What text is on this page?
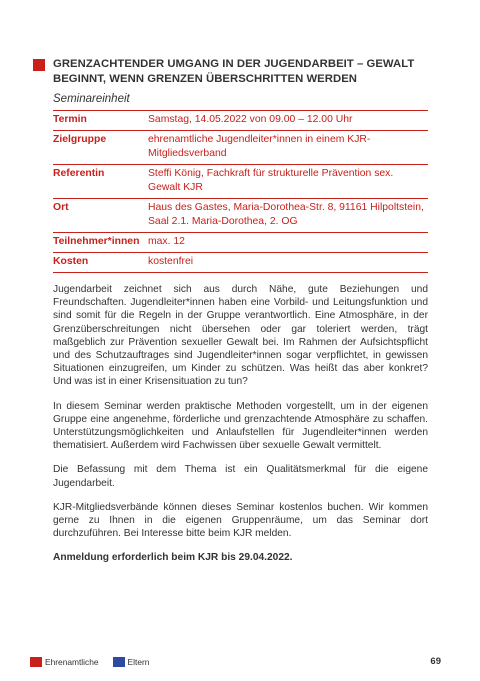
GRENZACHTENDER UMGANG IN DER JUGENDARBEIT – GEWALT BEGINNT, WENN GRENZEN ÜBERSCHRITTEN WERDEN
Seminareinheit
Termin	Samstag, 14.05.2022 von 09.00 – 12.00 Uhr
Zielgruppe	ehrenamtliche Jugendleiter*innen in einem KJR-Mitgliedsverband
Referentin	Steffi König, Fachkraft für strukturelle Prävention sex. Gewalt KJR
Ort	Haus des Gastes, Maria-Dorothea-Str. 8, 91161 Hilpoltstein, Saal 2.1. Maria-Dorothea, 2. OG
Teilnehmer*innen max. 12
Kosten	kostenfrei

Jugendarbeit zeichnet sich aus durch Nähe, gute Beziehungen und Freundschaften. Jugendleiter*innen haben eine Vorbild- und Leitungsfunktion und sind somit für die Regeln in der Gruppe verantwortlich. Eine Atmosphäre, in der Grenzüberschreitungen nicht übersehen oder gar toleriert werden, trägt maßgeblich zur Prävention sexueller Gewalt bei. Im Rahmen der Aufsichtspflicht und des Schutzauftrages sind Jugendleiter*innen sogar verpflichtet, in gewissen Situationen einzugreifen, um Kinder zu schützen. Was heißt das aber konkret? Und was ist in einer Krisensituation zu tun?

In diesem Seminar werden praktische Methoden vorgestellt, um in der eigenen Gruppe eine angenehme, förderliche und grenzachtende Atmosphäre zu schaffen. Unterstützungsmöglichkeiten und Anlaufstellen für Jugendleiter*innen werden thematisiert. Außerdem wird Fachwissen über sexuelle Gewalt vermittelt.

Die Befassung mit dem Thema ist ein Qualitätsmerkmal für die eigene Jugendarbeit.

KJR-Mitgliedsverbände können dieses Seminar kostenlos buchen. Wir kommen gerne zu Ihnen in die eigenen Gruppenräume, um das Seminar dort durchzuführen. Bei Interesse bitte beim KJR melden.

Anmeldung erforderlich beim KJR bis 29.04.2022.

Ehrenamtliche	Eltern	69
